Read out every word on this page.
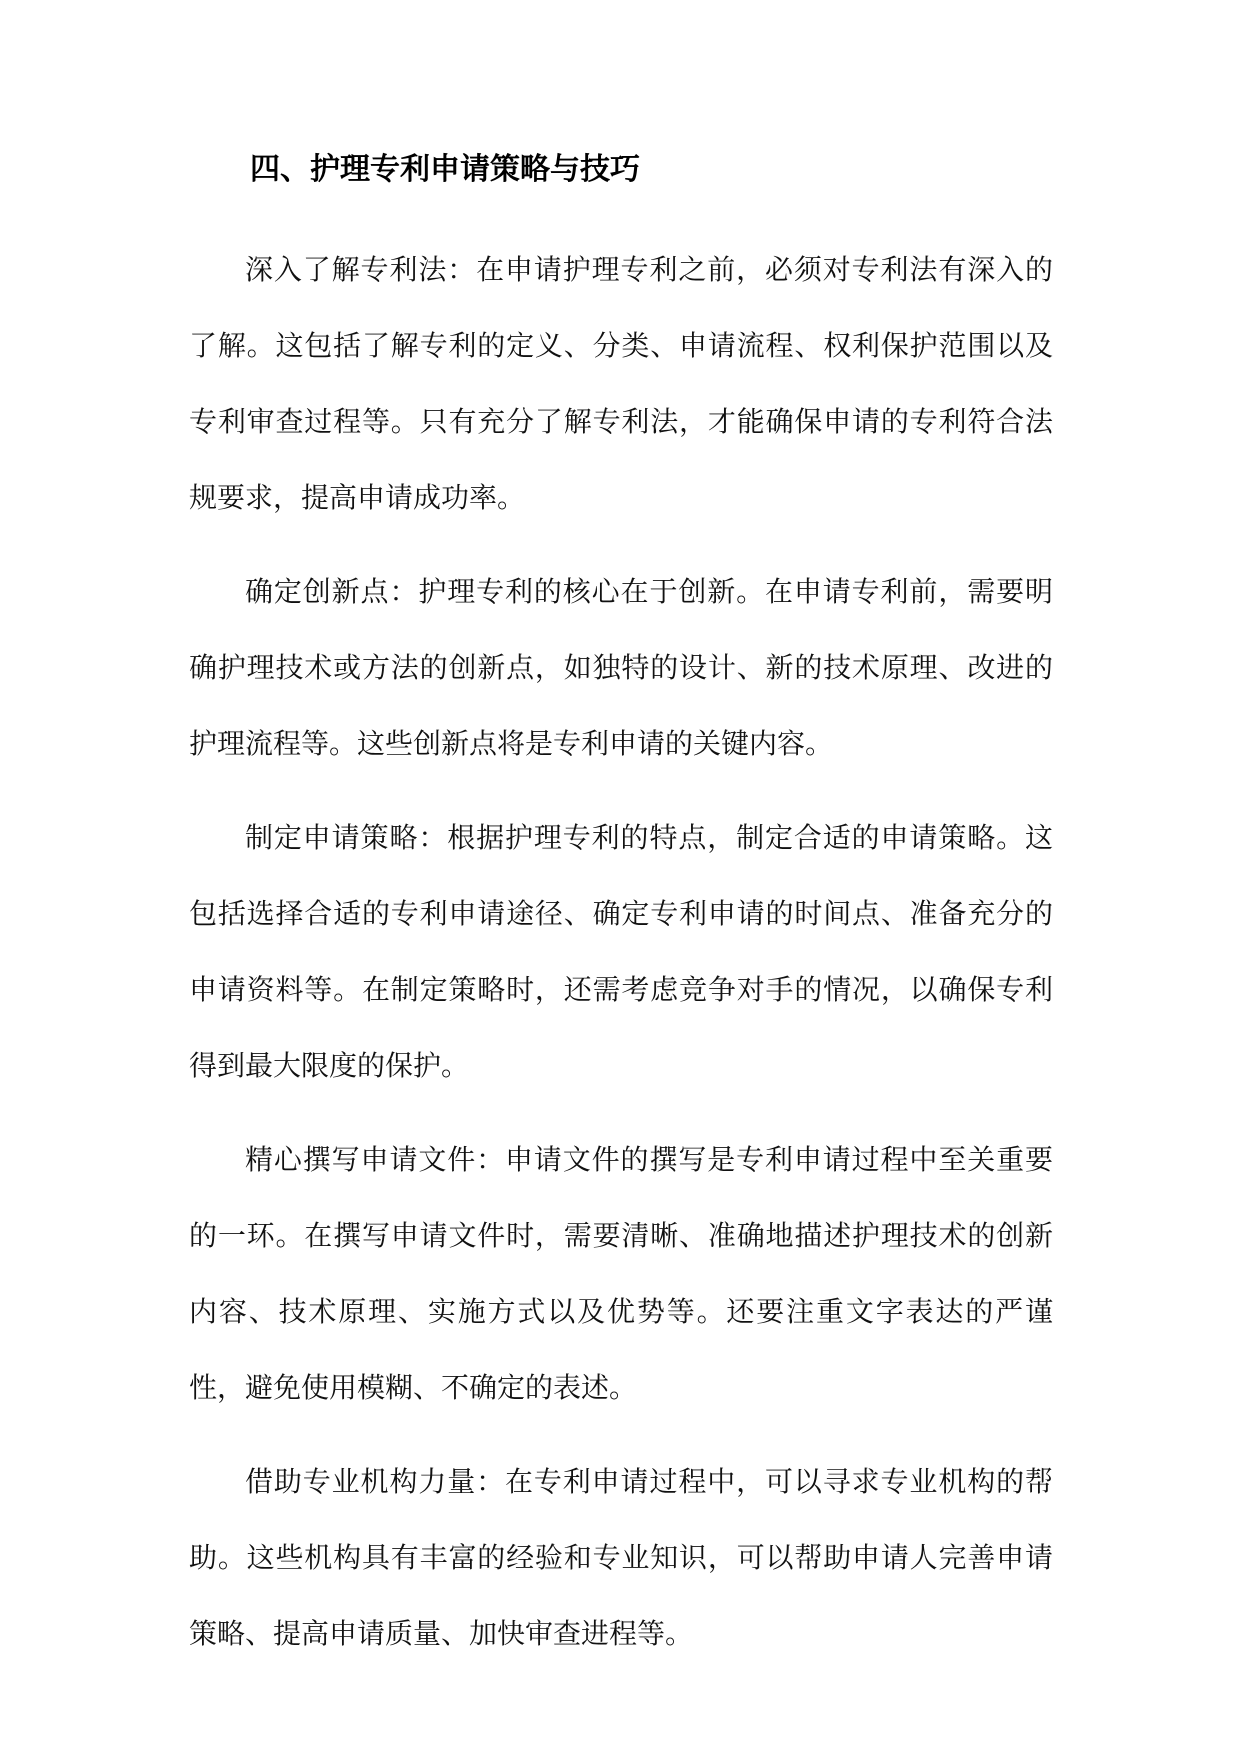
四、护理专利申请策略与技巧

深入了解专利法：在申请护理专利之前，必须对专利法有深入的了解。这包括了解专利的定义、分类、申请流程、权利保护范围以及专利审查过程等。只有充分了解专利法，才能确保申请的专利符合法规要求，提高申请成功率。

确定创新点：护理专利的核心在于创新。在申请专利前，需要明确护理技术或方法的创新点，如独特的设计、新的技术原理、改进的护理流程等。这些创新点将是专利申请的关键内容。

制定申请策略：根据护理专利的特点，制定合适的申请策略。这包括选择合适的专利申请途径、确定专利申请的时间点、准备充分的申请资料等。在制定策略时，还需考虑竞争对手的情况，以确保专利得到最大限度的保护。

精心撰写申请文件：申请文件的撰写是专利申请过程中至关重要的一环。在撰写申请文件时，需要清晰、准确地描述护理技术的创新内容、技术原理、实施方式以及优势等。还要注重文字表达的严谨性，避免使用模糊、不确定的表述。

借助专业机构力量：在专利申请过程中，可以寻求专业机构的帮助。这些机构具有丰富的经验和专业知识，可以帮助申请人完善申请策略、提高申请质量、加快审查进程等。
